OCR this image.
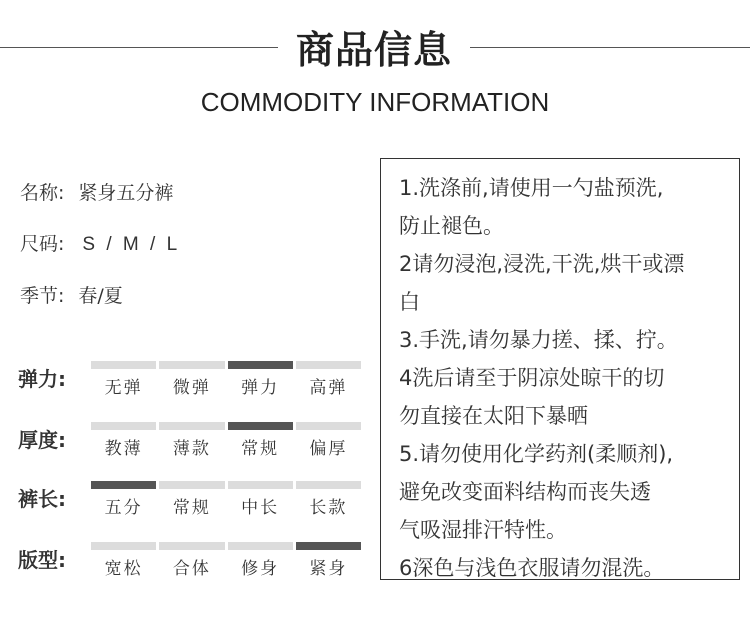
商品信息
COMMODITY INFORMATION
名称: 紧身五分裤
尺码: S / M / L
季节: 春/夏
弹力:	无弹	微弹	弹力	高弹
厚度:	教薄	薄款	常规	偏厚
裤长:	五分	常规	中长	长款
版型:	宽松	合体	修身	紧身
1.洗涤前,请使用一勺盐预洗,
防止褪色。
2请勿浸泡,浸洗,干洗,烘干或漂
白
3.手洗,请勿暴力搓、揉、拧。
4洗后请至于阴凉处晾干的切
勿直接在太阳下暴晒
5.请勿使用化学药剂(柔顺剂),
避免改变面料结构而丧失透
气吸湿排汗特性。
6深色与浅色衣服请勿混洗。
